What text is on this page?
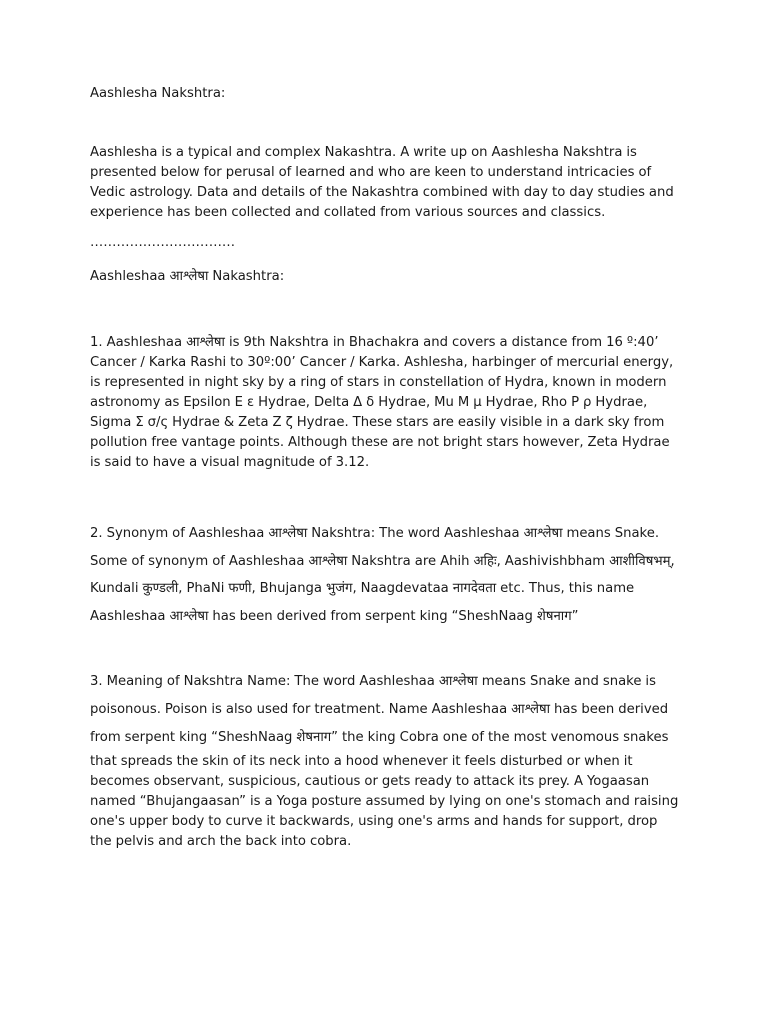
Aashlesha Nakshtra:

Aashlesha is a typical and complex Nakashtra. A write up on Aashlesha Nakshtra is presented below for perusal of learned and who are keen to understand intricacies of Vedic astrology. Data and details of the Nakashtra combined with day to day studies and experience has been collected and collated from various sources and classics.

……………………………

Aashleshaa आश्लेषा Nakashtra:

1. Aashleshaa आश्लेषा is 9th Nakshtra in Bhachakra and covers a distance from 16 º:40’ Cancer / Karka Rashi to 30º:00’ Cancer / Karka. Ashlesha, harbinger of mercurial energy, is represented in night sky by a ring of stars in constellation of Hydra, known in modern astronomy as Epsilon Ε ε Hydrae, Delta Δ δ Hydrae, Mu Μ μ Hydrae, Rho Ρ ρ Hydrae, Sigma Σ σ/ς Hydrae & Zeta Ζ ζ Hydrae. These stars are easily visible in a dark sky from pollution free vantage points. Although these are not bright stars however, Zeta Hydrae is said to have a visual magnitude of 3.12.

2. Synonym of Aashleshaa आश्लेषा Nakshtra: The word Aashleshaa आश्लेषा means Snake. Some of synonym of Aashleshaa आश्लेषा Nakshtra are Ahih अहिः, Aashivishbham आशीविषभम्, Kundali कुण्डली, PhaNi फणी, Bhujanga भुजंग, Naagdevataa नागदेवता etc. Thus, this name Aashleshaa आश्लेषा has been derived from serpent king “SheshNaag शेषनाग”

3. Meaning of Nakshtra Name: The word Aashleshaa आश्लेषा means Snake and snake is poisonous. Poison is also used for treatment. Name Aashleshaa आश्लेषा has been derived from serpent king “SheshNaag शेषनाग” the king Cobra one of the most venomous snakes
that spreads the skin of its neck into a hood whenever it feels disturbed or when it becomes observant, suspicious, cautious or gets ready to attack its prey. A Yogaasan named “Bhujangaasan” is a Yoga posture assumed by lying on one's stomach and raising one's upper body to curve it backwards, using one's arms and hands for support, drop the pelvis and arch the back into cobra.
